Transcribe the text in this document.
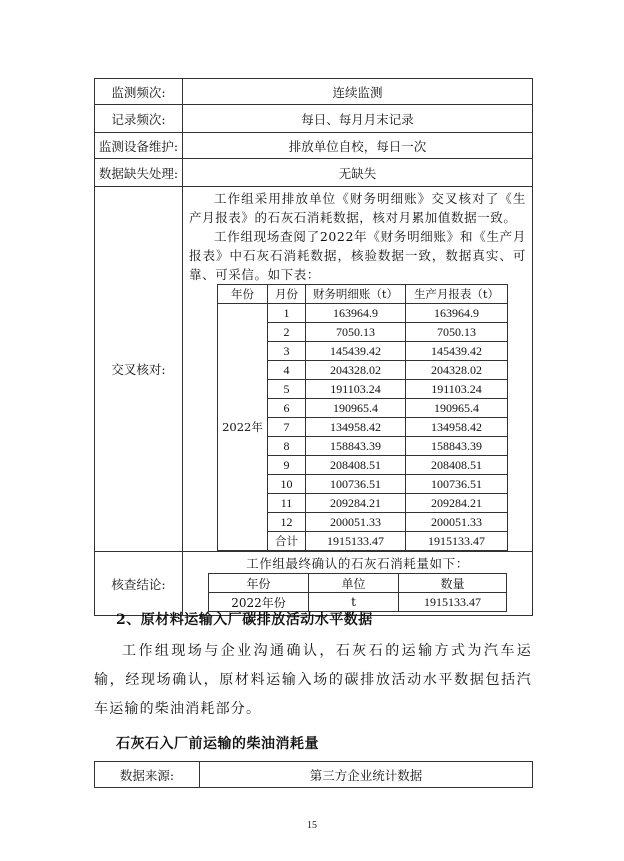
监测频次:	连续监测
记录频次:	每日、每月月末记录
监测设备维护:	排放单位自校，每日一次
数据缺失处理:	无缺失
交叉核对:	
工作组采用排放单位《财务明细账》交叉核对了《生产月报表》的石灰石消耗数据，核对月累加值数据一致。
工作组现场查阅了2022年《财务明细账》和《生产月报表》中石灰石消耗数据，核验数据一致，数据真实、可靠、可采信。如下表：
年份	月份	财务明细账（t）	生产月报表（t）
2022年	1	163964.9	163964.9
2	7050.13	7050.13
3	145439.42	145439.42
4	204328.02	204328.02
5	191103.24	191103.24
6	190965.4	190965.4
7	134958.42	134958.42
8	158843.39	158843.39
9	208408.51	208408.51
10	100736.51	100736.51
11	209284.21	209284.21
12	200051.33	200051.33
合计	1915133.47	1915133.47

核查结论:	
工作组最终确认的石灰石消耗量如下：
年份	单位	数量
2022年份	t	1915133.47
2、原材料运输入厂碳排放活动水平数据
工作组现场与企业沟通确认，石灰石的运输方式为汽车运输，经现场确认，原材料运输入场的碳排放活动水平数据包括汽车运输的柴油消耗部分。
石灰石入厂前运输的柴油消耗量
数据来源:	第三方企业统计数据
15
